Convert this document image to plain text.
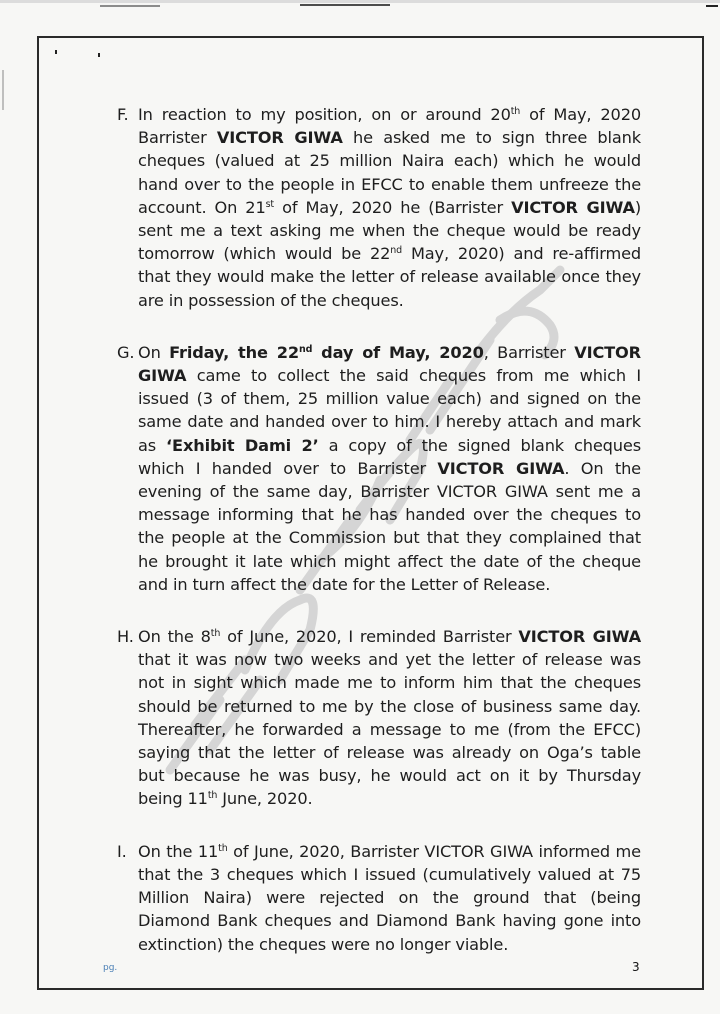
F. In reaction to my position, on or around 20th of May, 2020 Barrister VICTOR GIWA he asked me to sign three blank cheques (valued at 25 million Naira each) which he would hand over to the people in EFCC to enable them unfreeze the account. On 21st of May, 2020 he (Barrister VICTOR GIWA) sent me a text asking me when the cheque would be ready tomorrow (which would be 22nd May, 2020) and re-affirmed that they would make the letter of release available once they are in possession of the cheques.
G. On Friday, the 22nd day of May, 2020, Barrister VICTOR GIWA came to collect the said cheques from me which I issued (3 of them, 25 million value each) and signed on the same date and handed over to him. I hereby attach and mark as ‘Exhibit Dami 2’ a copy of the signed blank cheques which I handed over to Barrister VICTOR GIWA. On the evening of the same day, Barrister VICTOR GIWA sent me a message informing that he has handed over the cheques to the people at the Commission but that they complained that he brought it late which might affect the date of the cheque and in turn affect the date for the Letter of Release.
H. On the 8th of June, 2020, I reminded Barrister VICTOR GIWA that it was now two weeks and yet the letter of release was not in sight which made me to inform him that the cheques should be returned to me by the close of business same day. Thereafter, he forwarded a message to me (from the EFCC) saying that the letter of release was already on Oga’s table but because he was busy, he would act on it by Thursday being 11th June, 2020.
I. On the 11th of June, 2020, Barrister VICTOR GIWA informed me that the 3 cheques which I issued (cumulatively valued at 75 Million Naira) were rejected on the ground that (being Diamond Bank cheques and Diamond Bank having gone into extinction) the cheques were no longer viable.
pg.	3
